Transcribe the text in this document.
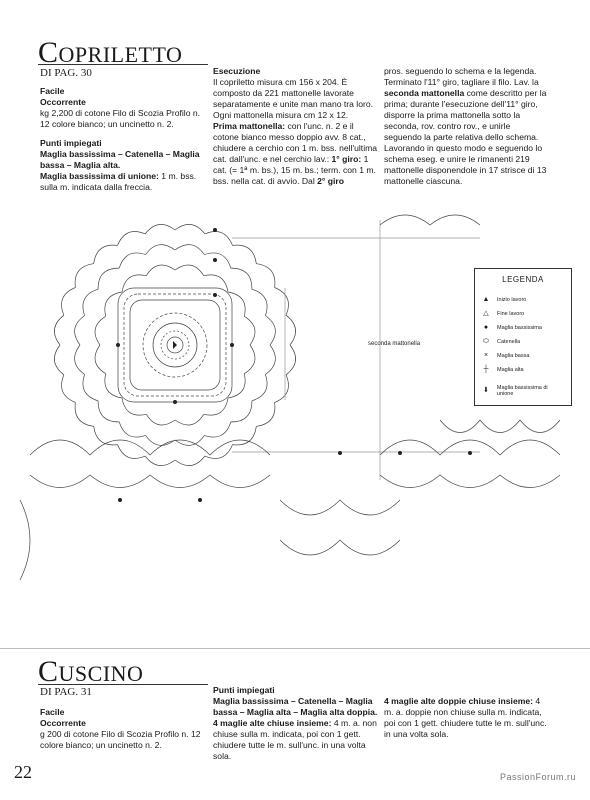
COPRILETTO
DI PAG. 30

Facile

Occorrente

kg 2,200 di cotone Filo di Scozia Profilo n. 12 colore bianco; un uncinetto n. 2.

Punti impiegati

Maglia bassissima – Catenella – Maglia bassa – Maglia alta.

Maglia bassissima di unione: 1 m. bss. sulla m. indicata dalla freccia.

Esecuzione

Il copriletto misura cm 156 x 204. È composto da 221 mattonelle lavorate separatamente e unite man mano tra loro. Ogni mattonella misura cm 12 x 12.

Prima mattonella: con l'unc. n. 2 e il cotone bianco messo doppio avv. 8 cat., chiudere a cerchio con 1 m. bss. nell'ultima cat. dall'unc. e nel cerchio lav.: 1° giro: 1 cat. (= 1ª m. bs.), 15 m. bs.; term. con 1 m. bss. nella cat. di avvio. Dal 2° giro

pros. seguendo lo schema e la legenda. Terminato l'11° giro, tagliare il filo. Lav. la seconda mattonella come descritto per la prima; durante l'esecuzione dell'11° giro, disporre la prima mattonella sotto la seconda, rov. contro rov., e unirle seguendo la parte relativa dello schema. Lavorando in questo modo e seguendo lo schema eseg. e unire le rimanenti 219 mattonelle disponendole in 17 strisce di 13 mattonelle ciascuna.

seconda mattonella
LEGENDA
▲ Inizio lavoro
△	Fine lavoro
●	Maglia bassissima
⬭	Catenella
×	Maglia bassa
┼	Maglia alta
⬇	Maglia bassissima di unione
CUSCINO
DI PAG. 31

Facile

Occorrente

g 200 di cotone Filo di Scozia Profilo n. 12 colore bianco; un uncinetto n. 2.

Punti impiegati

Maglia bassissima – Catenella – Maglia bassa – Maglia alta – Maglia alta doppia.

4 maglie alte chiuse insieme: 4 m. a. non chiuse sulla m. indicata, poi con 1 gett. chiudere tutte le m. sull'unc. in una volta sola.

4 maglie alte doppie chiuse insieme: 4 m. a. doppie non chiuse sulla m. indicata, poi con 1 gett. chiudere tutte le m. sull'unc. in una volta sola.

22	PassionForum.ru
